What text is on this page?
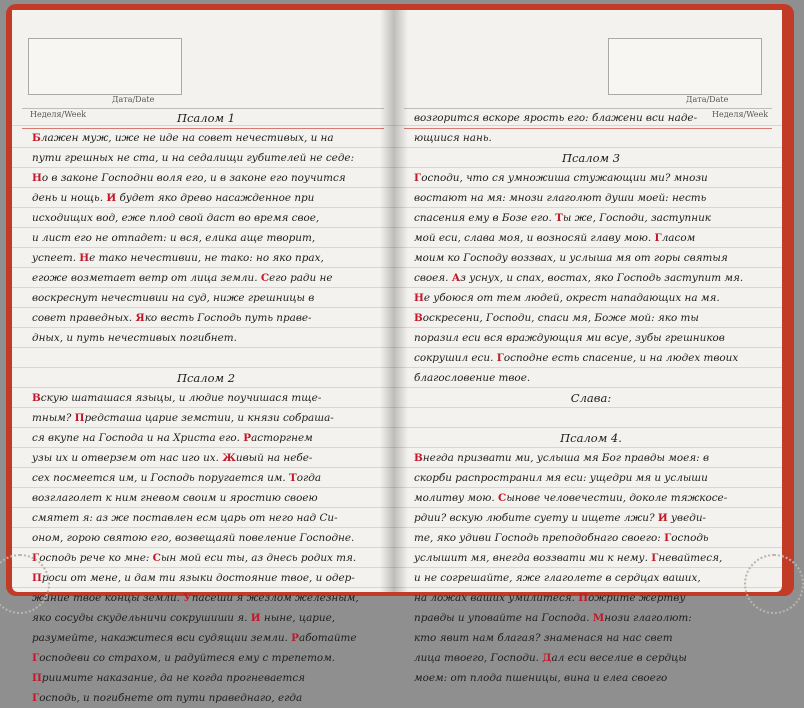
Дата/Date
Неделя/Week	Псалом 1
Блажен муж, иже не иде на совет нечестивых, и на
пути грешных не ста, и на седалищи губителей не седе:
Но в законе Господни воля его, и в законе его поучится
день и нощь. И будет яко древо насажденное при
исходищих вод, еже плод свой даст во время свое,
и лист его не отпадет: и вся, елика аще творит,
успеет. Не тако нечестивии, не тако: но яко прах,
егоже возметает ветр от лица земли. Сего ради не
воскреснут нечестивии на суд, ниже грешницы в
совет праведных. Яко весть Господь путь праве-
дных, и путь нечестивых погибнет.
Псалом 2
Вскую шаташася языцы, и людие поучишася тще-
тным? Предсташа царие земстии, и князи собраша-
ся вкупе на Господа и на Христа его. Расторгнем
узы их и отверзем от нас иго их. Живый на небе-
сех посмеется им, и Господь поругается им. Тогда
возглаголет к ним гневом своим и яростию своею
смятет я: аз же поставлен есм царь от него над Си-
оном, горою святою его, возвещаяй повеление Господне.
Господь рече ко мне: Сын мой еси ты, аз днесь родих тя.
Проси от мене, и дам ти языки достояние твое, и одер-
жание твое концы земли. Упасеши я жезлом железным,
яко сосуды скудельничи сокрушиши я. И ныне, царие,
разумейте, накажитеся вси судящии земли. Работайте
Господеви со страхом, и радуйтеся ему с трепетом.
Приимите наказание, да не когда прогневается
Господь, и погибнете от пути праведнаго, егда
Дата/Date
Неделя/Week
возгорится вскоре ярость его: блажени вси наде-
ющиися нань.
Псалом 3
Господи, что ся умножиша стужающии ми? мнози
востают на мя: мнози глаголют души моей: несть
спасения ему в Бозе его. Ты же, Господи, заступник
мой еси, слава моя, и возносяй главу мою. Гласом
моим ко Господу воззвах, и услыша мя от горы святыя
своея. Аз уснух, и спах, востах, яко Господь заступит мя.
Не убоюся от тем людей, окрест нападающих на мя.
Воскресени, Господи, спаси мя, Боже мой: яко ты
поразил еси вся враждующия ми всуе, зубы грешников
сокрушил еси. Господне есть спасение, и на людех твоих
благословение твое.
Слава:
Псалом 4.
Внегда призвати ми, услыша мя Бог правды моея: в
скорби распространил мя еси: ущедри мя и услыши
молитву мою. Сынове человечестии, доколе тяжкосе-
рдии? вскую любите суету и ищете лжи? И уведи-
те, яко удиви Господь преподобнаго своего: Господь
услышит мя, внегда воззвати ми к нему. Гневайтеся,
и не согрешайте, яже глаголете в сердцах ваших,
на ложах ваших умилитеся. Пожрите жертву
правды и уповайте на Господа. Мнози глаголют:
кто явит нам благая? знаменася на нас свет
лица твоего, Господи. Дал еси веселие в сердцы
моем: от плода пшеницы, вина и елеа своего
